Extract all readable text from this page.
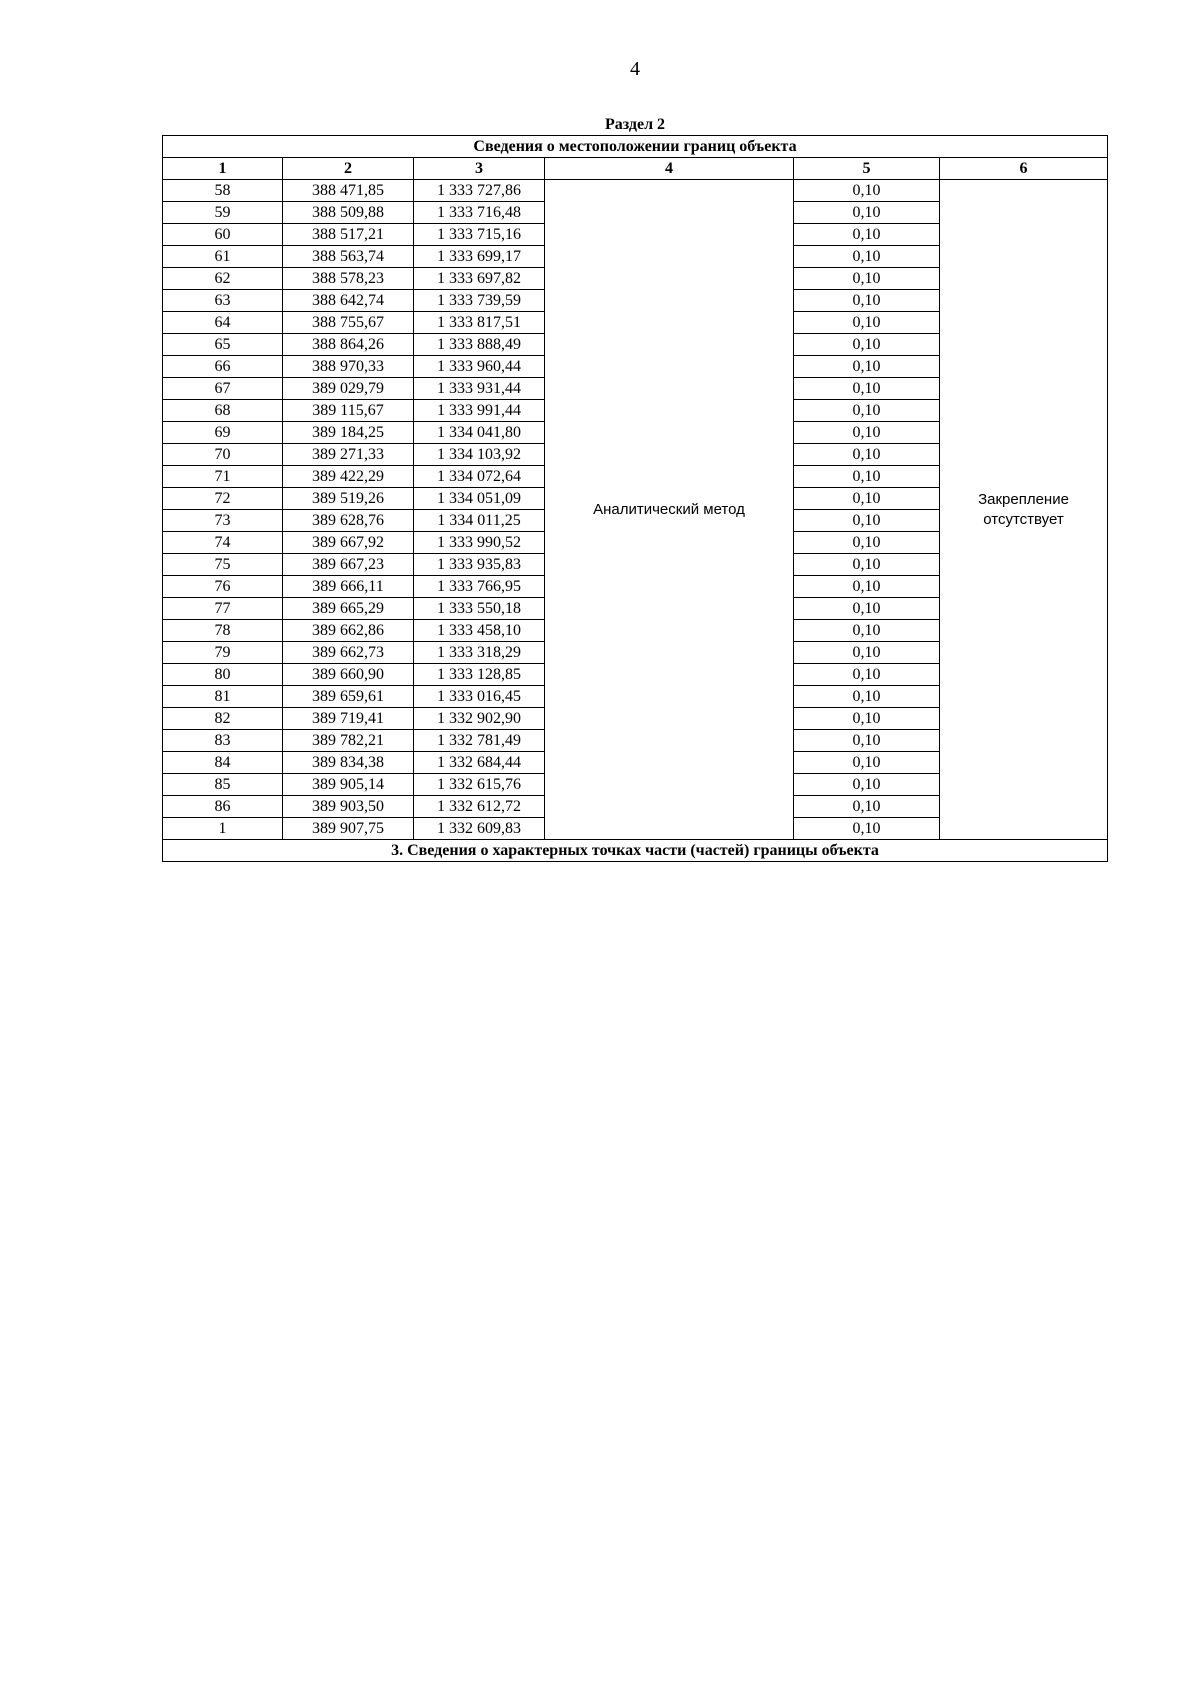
4
Раздел 2
Сведения о местоположении границ объекта					
1	2	3	4	5	6
58	388 471,85	1 333 727,86	Аналитический метод	0,10	Закрепление
отсутствует

59	388 509,88	1 333 716,48		0,10	
60	388 517,21	1 333 715,16		0,10	
61	388 563,74	1 333 699,17		0,10	
62	388 578,23	1 333 697,82		0,10	
63	388 642,74	1 333 739,59		0,10	
64	388 755,67	1 333 817,51		0,10	
65	388 864,26	1 333 888,49		0,10	
66	388 970,33	1 333 960,44		0,10	
67	389 029,79	1 333 931,44		0,10	
68	389 115,67	1 333 991,44		0,10	
69	389 184,25	1 334 041,80		0,10	
70	389 271,33	1 334 103,92		0,10	
71	389 422,29	1 334 072,64		0,10	
72	389 519,26	1 334 051,09		0,10	
73	389 628,76	1 334 011,25		0,10	
74	389 667,92	1 333 990,52		0,10	
75	389 667,23	1 333 935,83		0,10	
76	389 666,11	1 333 766,95		0,10	
77	389 665,29	1 333 550,18		0,10	
78	389 662,86	1 333 458,10		0,10	
79	389 662,73	1 333 318,29		0,10	
80	389 660,90	1 333 128,85		0,10	
81	389 659,61	1 333 016,45		0,10	
82	389 719,41	1 332 902,90		0,10	
83	389 782,21	1 332 781,49		0,10	
84	389 834,38	1 332 684,44		0,10	
85	389 905,14	1 332 615,76		0,10	
86	389 903,50	1 332 612,72		0,10	
1	389 907,75	1 332 609,83		0,10	
3. Сведения о характерных точках части (частей) границы объекта					
